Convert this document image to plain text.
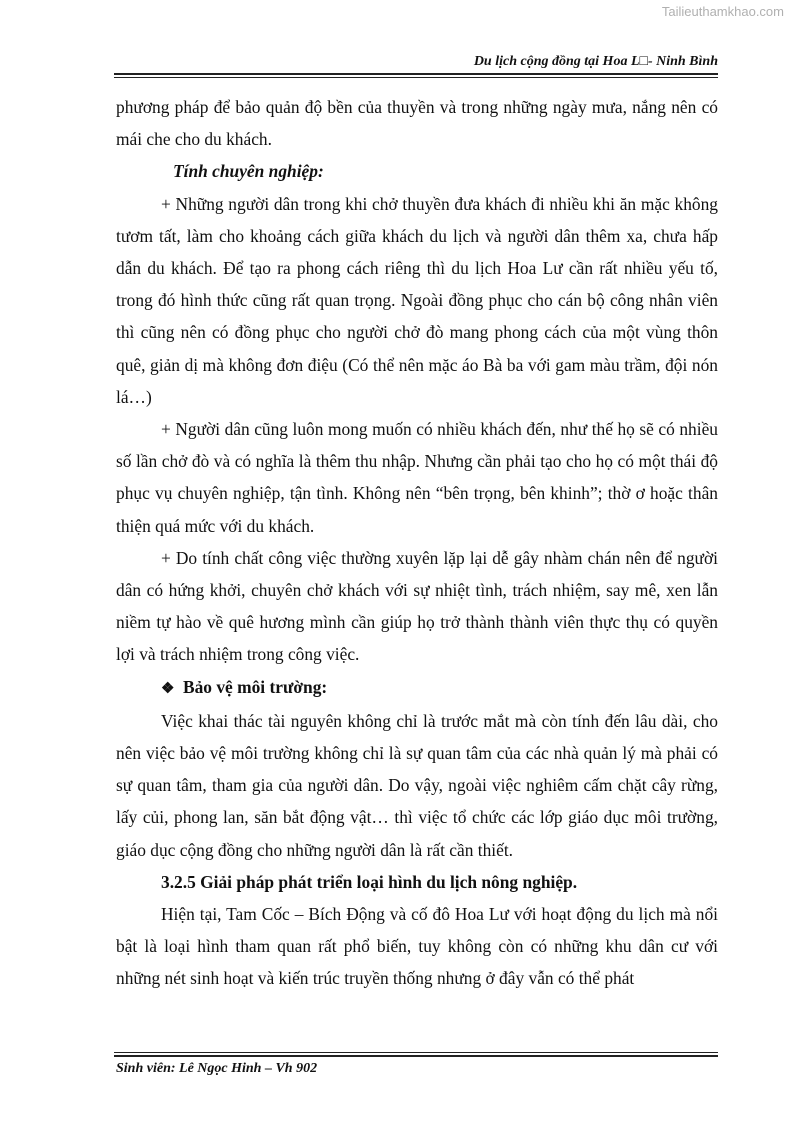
Tailieuthamkhao.com
Du lịch cộng đồng tại Hoa L□- Ninh Bình

phương pháp để bảo quản độ bền của thuyền và trong những ngày mưa, nắng nên có mái che cho du khách.

Tính chuyên nghiệp:

+ Những người dân trong khi chở thuyền đưa khách đi nhiều khi ăn mặc không tươm tất, làm cho khoảng cách giữa khách du lịch và người dân thêm xa, chưa hấp dẫn du khách. Để tạo ra phong cách riêng thì du lịch Hoa Lư cần rất nhiều yếu tố, trong đó hình thức cũng rất quan trọng. Ngoài đồng phục cho cán bộ công nhân viên thì cũng nên có đồng phục cho người chở đò mang phong cách của một vùng thôn quê, giản dị mà không đơn điệu (Có thể nên mặc áo Bà ba với gam màu trầm, đội nón lá…)

+ Người dân cũng luôn mong muốn có nhiều khách đến, như thế họ sẽ có nhiều số lần chở đò và có nghĩa là thêm thu nhập. Nhưng cần phải tạo cho họ có một thái độ phục vụ chuyên nghiệp, tận tình. Không nên “bên trọng, bên khinh”; thờ ơ hoặc thân thiện quá mức với du khách.

+ Do tính chất công việc thường xuyên lặp lại dễ gây nhàm chán nên để người dân có hứng khởi, chuyên chở khách với sự nhiệt tình, trách nhiệm, say mê, xen lẫn niềm tự hào về quê hương mình cần giúp họ trở thành thành viên thực thụ có quyền lợi và trách nhiệm trong công việc.

❖ Bảo vệ môi trường:

Việc khai thác tài nguyên không chỉ là trước mắt mà còn tính đến lâu dài, cho nên việc bảo vệ môi trường không chỉ là sự quan tâm của các nhà quản lý mà phải có sự quan tâm, tham gia của người dân. Do vậy, ngoài việc nghiêm cấm chặt cây rừng, lấy củi, phong lan, săn bắt động vật… thì việc tổ chức các lớp giáo dục môi trường, giáo dục cộng đồng cho những người dân là rất cần thiết.

3.2.5 Giải pháp phát triển loại hình du lịch nông nghiệp.

Hiện tại, Tam Cốc – Bích Động và cố đô Hoa Lư với hoạt động du lịch mà nổi bật là loại hình tham quan rất phổ biến, tuy không còn có những khu dân cư với những nét sinh hoạt và kiến trúc truyền thống nhưng ở đây vẫn có thể phát

Sinh viên: Lê Ngọc Hinh – Vh 902
